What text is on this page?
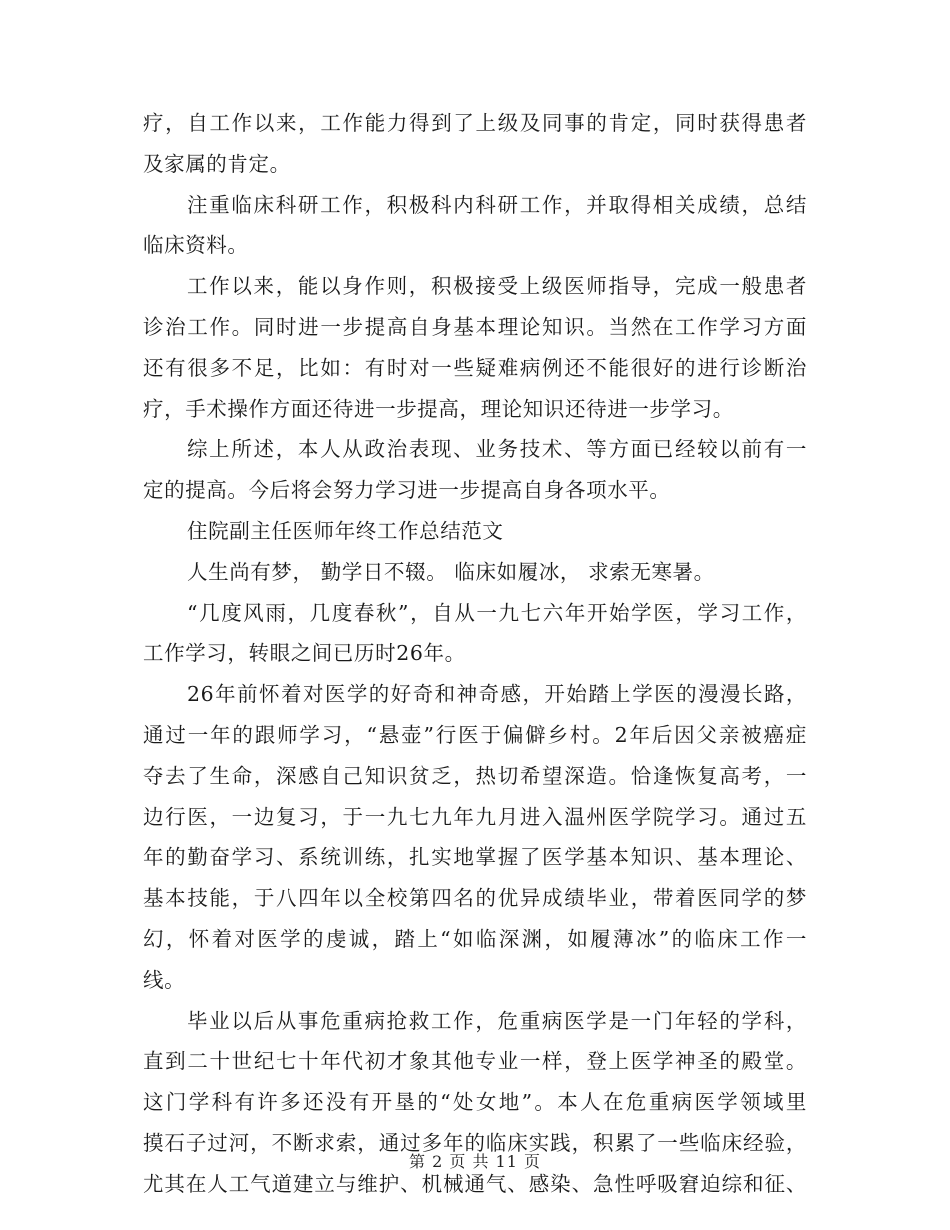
疗，自工作以来，工作能力得到了上级及同事的肯定，同时获得患者
及家属的肯定。
注重临床科研工作，积极科内科研工作，并取得相关成绩，总结
临床资料。
工作以来，能以身作则，积极接受上级医师指导，完成一般患者
诊治工作。同时进一步提高自身基本理论知识。当然在工作学习方面
还有很多不足，比如：有时对一些疑难病例还不能很好的进行诊断治
疗，手术操作方面还待进一步提高，理论知识还待进一步学习。
综上所述，本人从政治表现、业务技术、等方面已经较以前有一
定的提高。今后将会努力学习进一步提高自身各项水平。
住院副主任医师年终工作总结范文
人生尚有梦， 勤学日不辍。 临床如履冰， 求索无寒暑。
“几度风雨，几度春秋”，自从一九七六年开始学医，学习工作，
工作学习，转眼之间已历时26年。
26年前怀着对医学的好奇和神奇感，开始踏上学医的漫漫长路，
通过一年的跟师学习，“悬壶”行医于偏僻乡村。2年后因父亲被癌症
夺去了生命，深感自己知识贫乏，热切希望深造。恰逢恢复高考，一
边行医，一边复习，于一九七九年九月进入温州医学院学习。通过五
年的勤奋学习、系统训练，扎实地掌握了医学基本知识、基本理论、
基本技能，于八四年以全校第四名的优异成绩毕业，带着医同学的梦
幻，怀着对医学的虔诚，踏上“如临深渊，如履薄冰”的临床工作一
线。
毕业以后从事危重病抢救工作，危重病医学是一门年轻的学科，
直到二十世纪七十年代初才象其他专业一样，登上医学神圣的殿堂。
这门学科有许多还没有开垦的“处女地”。本人在危重病医学领域里
摸石子过河，不断求索，通过多年的临床实践，积累了一些临床经验，
尤其在人工气道建立与维护、机械通气、感染、急性呼吸窘迫综和征、
第 2 页 共 11 页
